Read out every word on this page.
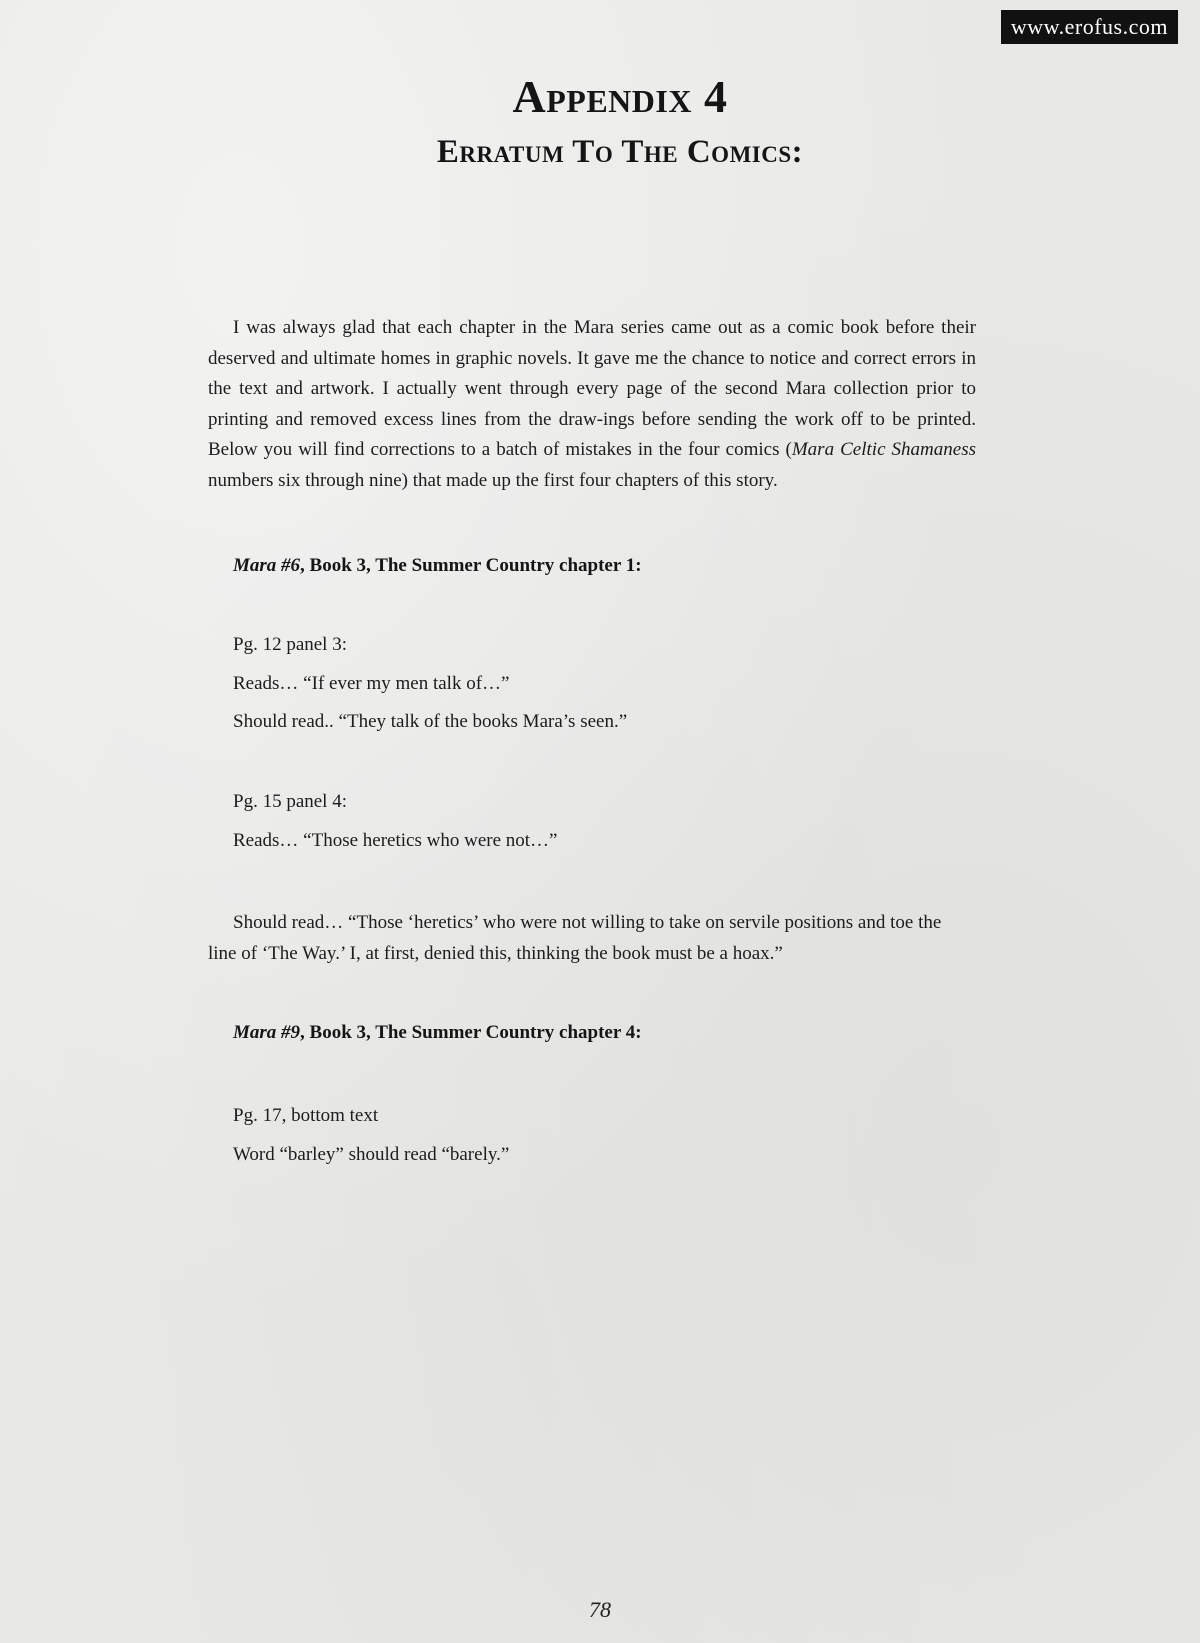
www.erofus.com
Appendix 4
Erratum To The Comics:

I was always glad that each chapter in the Mara series came out as a comic book before their deserved and ultimate homes in graphic novels. It gave me the chance to notice and correct errors in the text and artwork. I actually went through every page of the second Mara collection prior to printing and removed excess lines from the draw-ings before sending the work off to be printed. Below you will find corrections to a batch of mistakes in the four comics (Mara Celtic Shamaness numbers six through nine) that made up the first four chapters of this story.

Mara #6, Book 3, The Summer Country chapter 1:

Pg. 12 panel 3:

Reads… “If ever my men talk of…”

Should read.. “They talk of the books Mara’s seen.”

Pg. 15 panel 4:

Reads… “Those heretics who were not…”

Should read… “Those ‘heretics’ who were not willing to take on servile positions and toe the line of ‘The Way.’ I, at first, denied this, thinking the book must be a hoax.”

Mara #9, Book 3, The Summer Country chapter 4:

Pg. 17, bottom text

Word “barley” should read “barely.”

78
